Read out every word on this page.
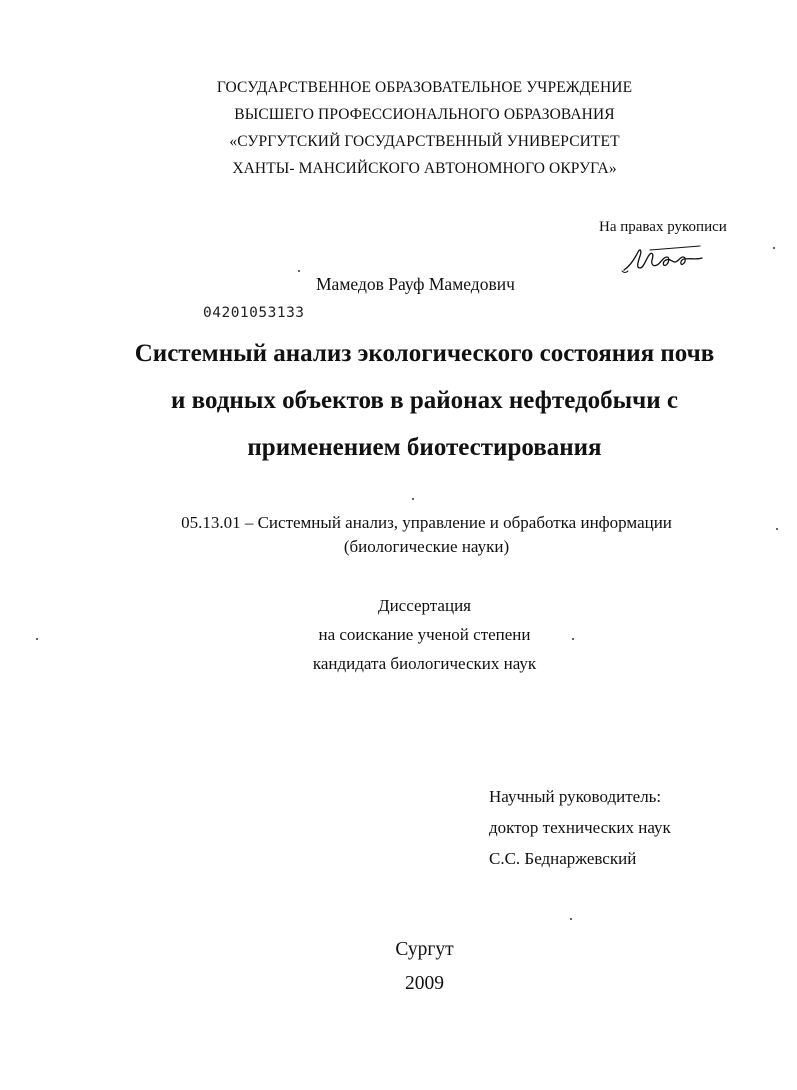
ГОСУДАРСТВЕННОЕ ОБРАЗОВАТЕЛЬНОЕ УЧРЕЖДЕНИЕ
ВЫСШЕГО ПРОФЕССИОНАЛЬНОГО ОБРАЗОВАНИЯ
«СУРГУТСКИЙ ГОСУДАРСТВЕННЫЙ УНИВЕРСИТЕТ
ХАНТЫ- МАНСИЙСКОГО АВТОНОМНОГО ОКРУГА»
На правах рукописи
Мамедов Рауф Мамедович
04201053133
Системный анализ экологического состояния почв
и водных объектов в районах нефтедобычи с
применением биотестирования
05.13.01 – Системный анализ, управление и обработка информации
(биологические науки)
Диссертация
на соискание ученой степени
кандидата биологических наук
Научный руководитель:
доктор технических наук
С.С. Беднаржевский
Сургут
2009
